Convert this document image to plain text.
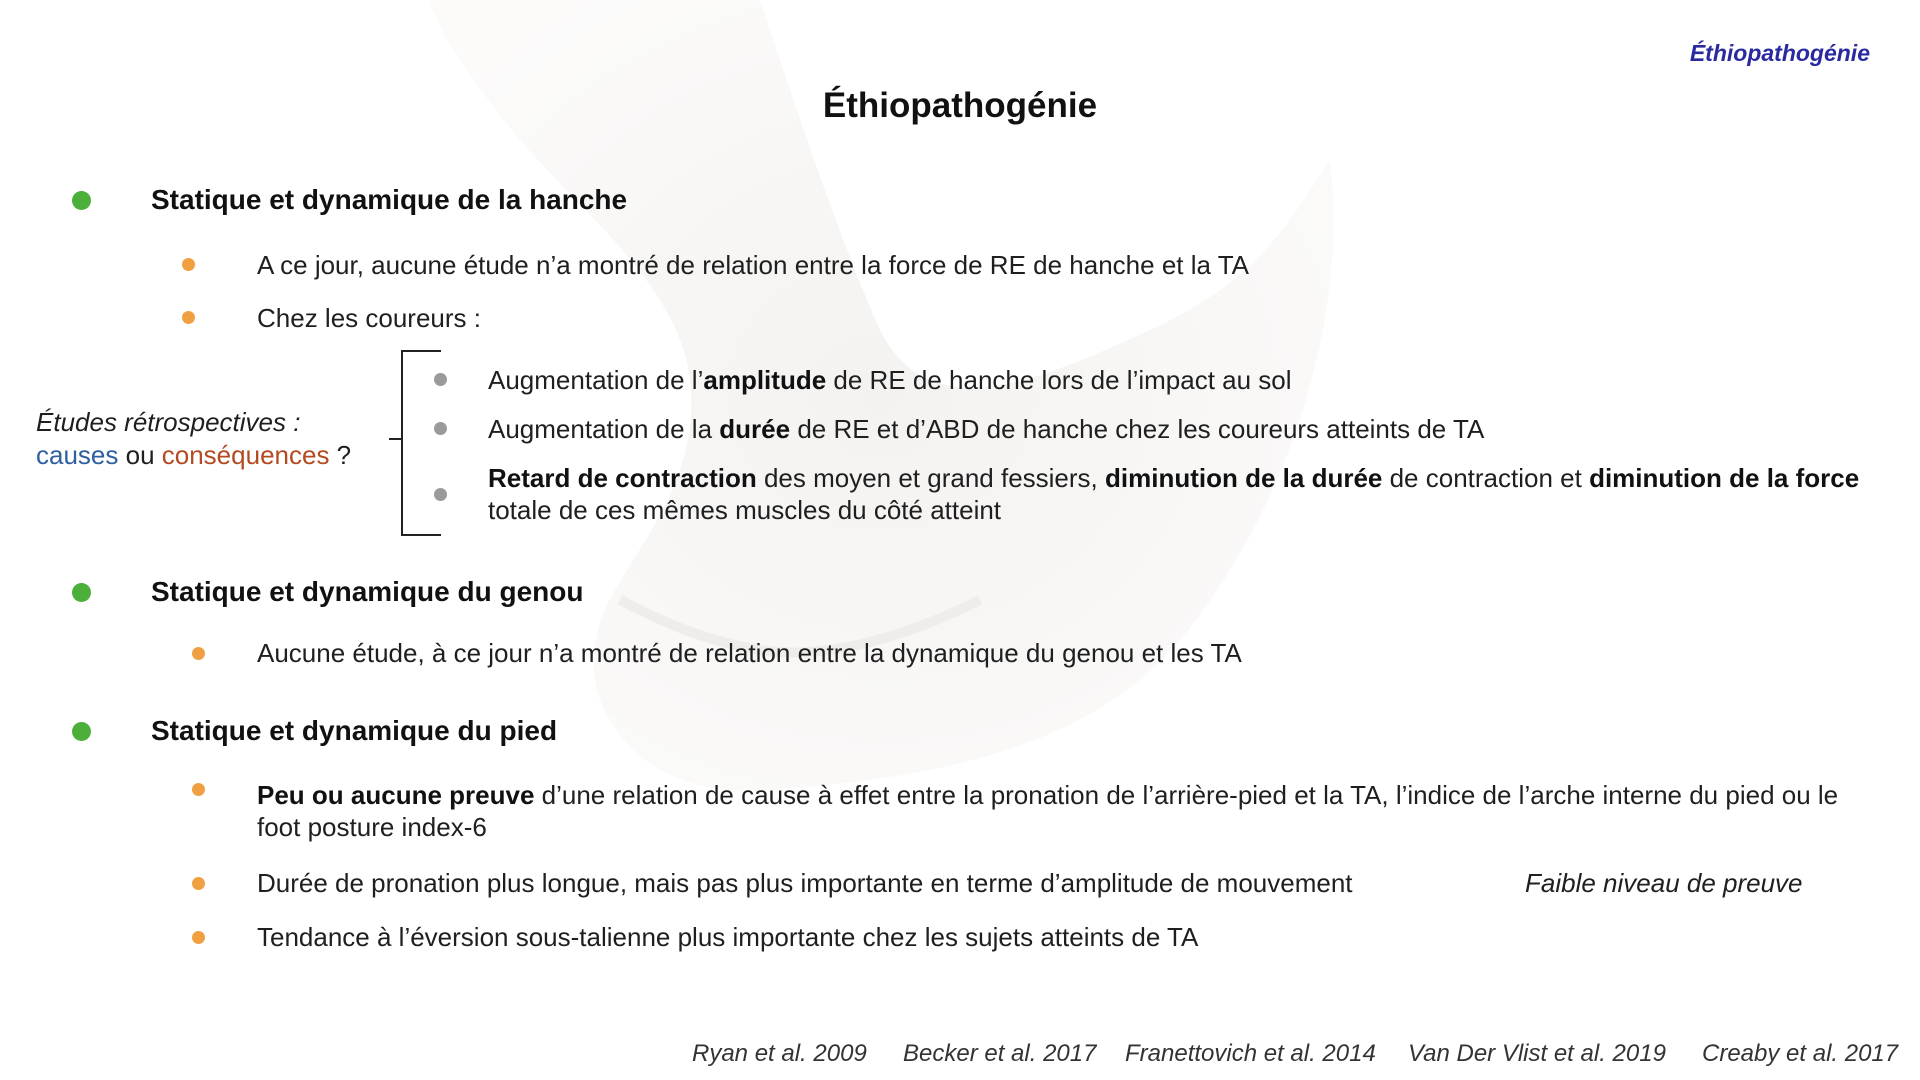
Éthiopathogénie
Éthiopathogénie
Statique et dynamique de la hanche
A ce jour, aucune étude n’a montré de relation entre la force de RE de hanche et la TA
Chez les coureurs :
Études rétrospectives :
causes ou conséquences ?
Augmentation de l’amplitude de RE de hanche lors de l’impact au sol
Augmentation de la durée de RE et d’ABD de hanche chez les coureurs atteints de TA
Retard de contraction des moyen et grand fessiers, diminution de la durée de contraction et diminution de la force totale de ces mêmes muscles du côté atteint
Statique et dynamique du genou
Aucune étude, à ce jour n’a montré de relation entre la dynamique du genou et les TA
Statique et dynamique du pied
Peu ou aucune preuve d’une relation de cause à effet entre la pronation de l’arrière-pied et la TA, l’indice de l’arche interne du pied ou le foot posture index-6
Durée de pronation plus longue, mais pas plus importante en terme d’amplitude de mouvement	Faible niveau de preuve
Tendance à l’éversion sous-talienne plus importante chez les sujets atteints de TA
Ryan et al. 2009 Becker et al. 2017 Franettovich et al. 2014 Van Der Vlist et al. 2019 Creaby et al. 2017
